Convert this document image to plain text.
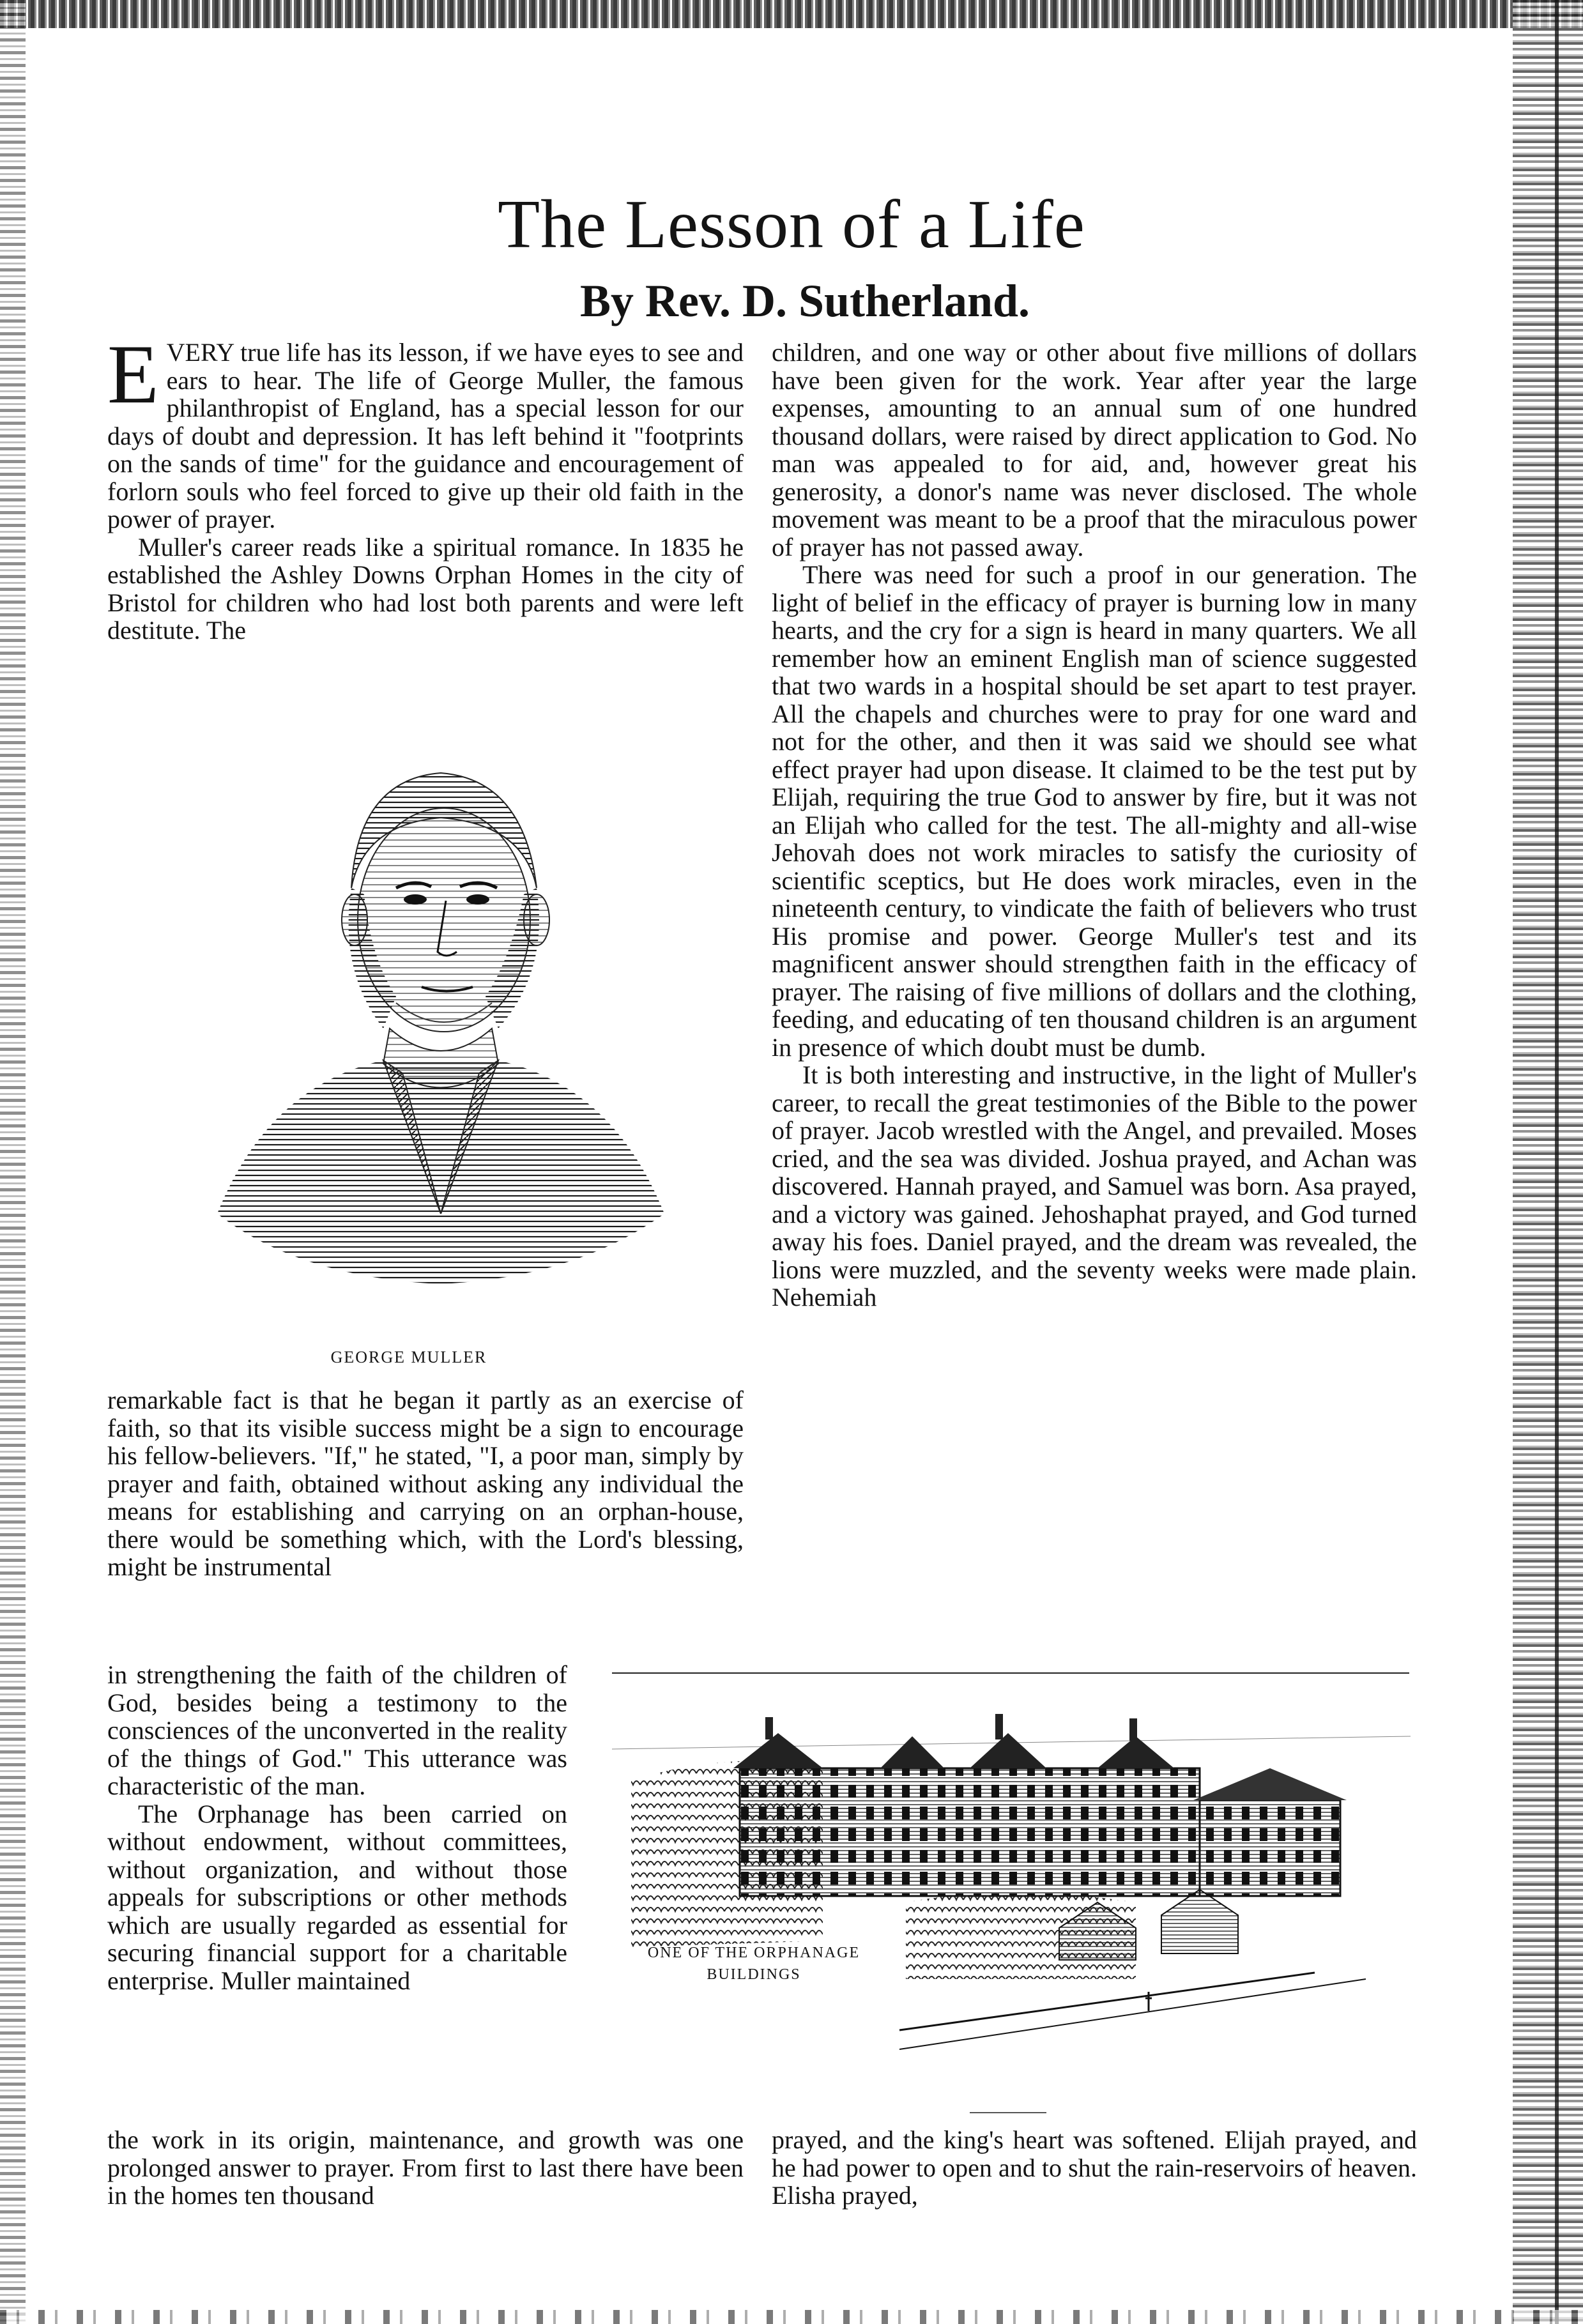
The Lesson of a Life
By Rev. D. Sutherland.

EVERY true life has its lesson, if we have eyes to see and ears to hear. The life of George Muller, the famous philanthropist of England, has a special lesson for our days of doubt and depression. It has left behind it "footprints on the sands of time" for the guidance and encouragement of forlorn souls who feel forced to give up their old faith in the power of prayer.

Muller's career reads like a spiritual romance. In 1835 he established the Ashley Downs Orphan Homes in the city of Bristol for children who had lost both parents and were left destitute. The

GEORGE MULLER

remarkable fact is that he began it partly as an exercise of faith, so that its visible success might be a sign to encourage his fellow-believers. "If," he stated, "I, a poor man, simply by prayer and faith, obtained without asking any individual the means for establishing and carrying on an orphan-house, there would be something which, with the Lord's blessing, might be instrumental

in strengthening the faith of the children of God, besides being a testimony to the consciences of the unconverted in the reality of the things of God." This utterance was characteristic of the man.

The Orphanage has been carried on without endowment, without committees, without organization, and without those appeals for subscriptions or other methods which are usually regarded as essential for securing financial support for a charitable enterprise. Muller maintained

the work in its origin, maintenance, and growth was one prolonged answer to prayer. From first to last there have been in the homes ten thousand

children, and one way or other about five millions of dollars have been given for the work. Year after year the large expenses, amounting to an annual sum of one hundred thousand dollars, were raised by direct application to God. No man was appealed to for aid, and, however great his generosity, a donor's name was never disclosed. The whole movement was meant to be a proof that the miraculous power of prayer has not passed away.

There was need for such a proof in our generation. The light of belief in the efficacy of prayer is burning low in many hearts, and the cry for a sign is heard in many quarters. We all remember how an eminent English man of science suggested that two wards in a hospital should be set apart to test prayer. All the chapels and churches were to pray for one ward and not for the other, and then it was said we should see what effect prayer had upon disease. It claimed to be the test put by Elijah, requiring the true God to answer by fire, but it was not an Elijah who called for the test. The all-mighty and all-wise Jehovah does not work miracles to satisfy the curiosity of scientific sceptics, but He does work miracles, even in the nineteenth century, to vindicate the faith of believers who trust His promise and power. George Muller's test and its magnificent answer should strengthen faith in the efficacy of prayer. The raising of five millions of dollars and the clothing, feeding, and educating of ten thousand children is an argument in presence of which doubt must be dumb.

It is both interesting and instructive, in the light of Muller's career, to recall the great testimonies of the Bible to the power of prayer. Jacob wrestled with the Angel, and prevailed. Moses cried, and the sea was divided. Joshua prayed, and Achan was discovered. Hannah prayed, and Samuel was born. Asa prayed, and a victory was gained. Jehoshaphat prayed, and God turned away his foes. Daniel prayed, and the dream was revealed, the lions were muzzled, and the seventy weeks were made plain. Nehemiah

ONE OF THE ORPHANAGE
BUILDINGS

prayed, and the king's heart was softened. Elijah prayed, and he had power to open and to shut the rain-reservoirs of heaven. Elisha prayed,
